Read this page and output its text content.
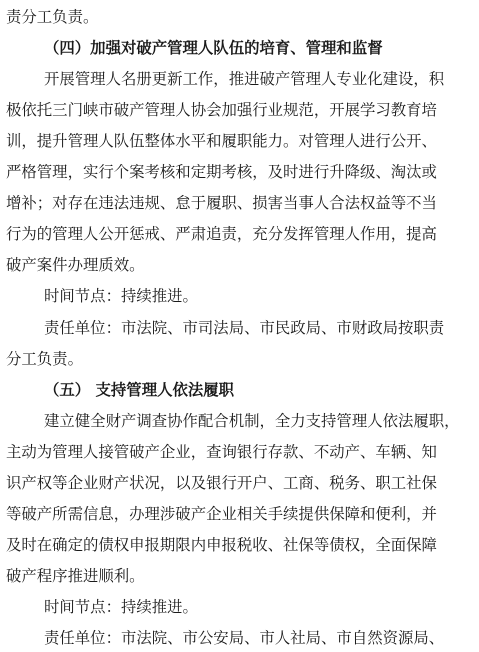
责分工负责。
（四）加强对破产管理人队伍的培育、管理和监督
开展管理人名册更新工作，推进破产管理人专业化建设，积
极依托三门峡市破产管理人协会加强行业规范，开展学习教育培
训，提升管理人队伍整体水平和履职能力。对管理人进行公开、
严格管理，实行个案考核和定期考核，及时进行升降级、淘汰或
增补；对存在违法违规、怠于履职、损害当事人合法权益等不当
行为的管理人公开惩戒、严肃追责，充分发挥管理人作用，提高
破产案件办理质效。
时间节点：持续推进。
责任单位：市法院、市司法局、市民政局、市财政局按职责
分工负责。
（五） 支持管理人依法履职
建立健全财产调查协作配合机制，全力支持管理人依法履职，
主动为管理人接管破产企业，查询银行存款、不动产、车辆、知
识产权等企业财产状况，以及银行开户、工商、税务、职工社保
等破产所需信息，办理涉破产企业相关手续提供保障和便利，并
及时在确定的债权申报期限内申报税收、社保等债权，全面保障
破产程序推进顺利。
时间节点：持续推进。
责任单位：市法院、市公安局、市人社局、市自然资源局、
